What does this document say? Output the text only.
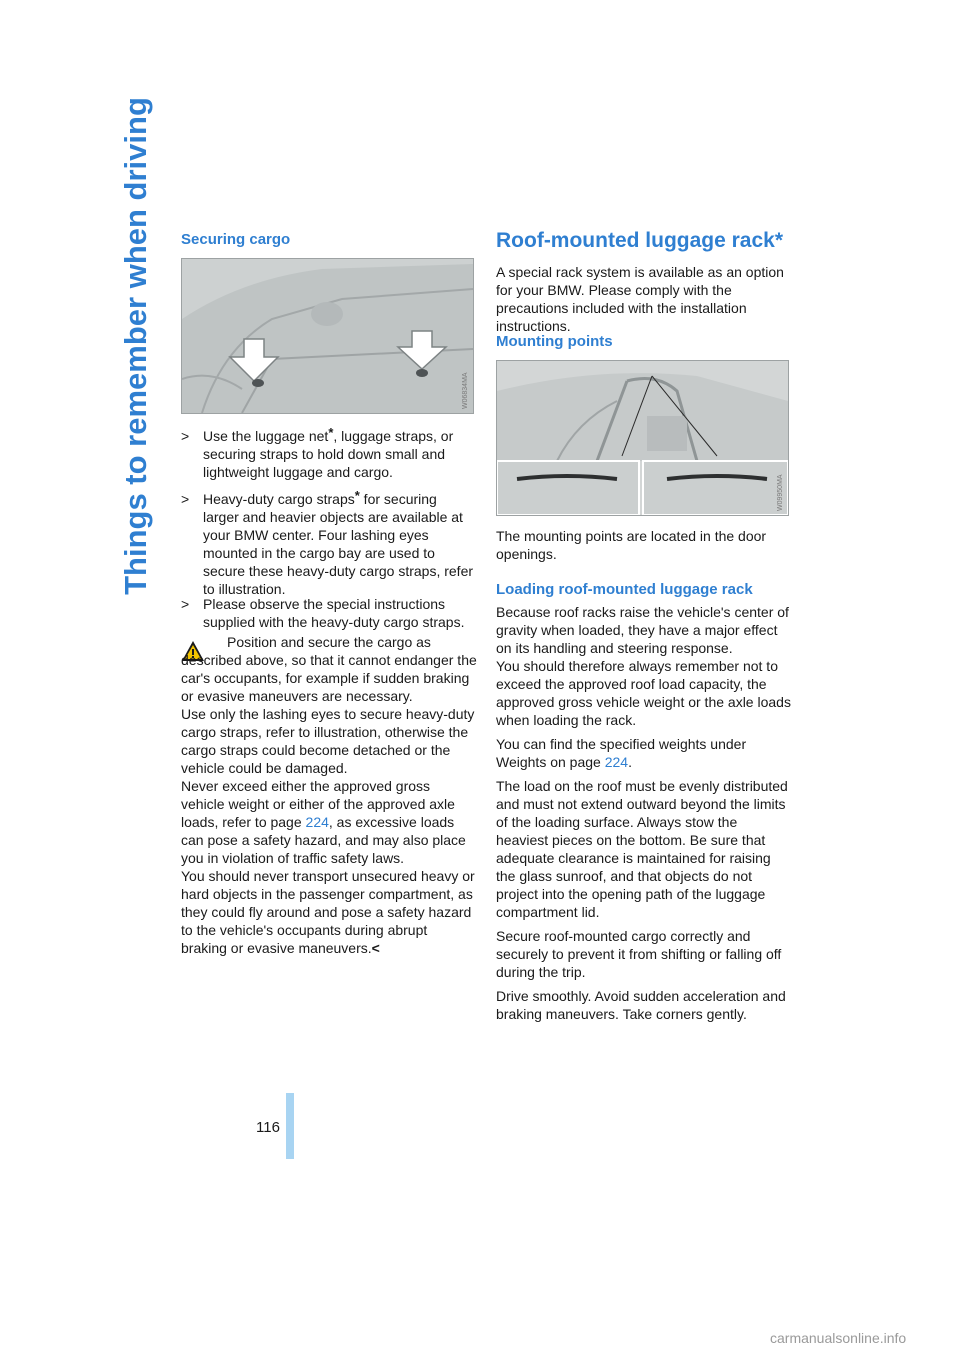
Things to remember when driving Securing cargo
W06834MA
> Use the luggage net*, luggage straps, or securing straps to hold down small and lightweight luggage and cargo.
> Heavy-duty cargo straps* for securing larger and heavier objects are available at your BMW center. Four lashing eyes mounted in the cargo bay are used to secure these heavy-duty cargo straps, refer to illustration.
> Please observe the special instructions supplied with the heavy-duty cargo straps.

Position and secure the cargo as described above, so that it cannot endanger the car's occupants, for example if sudden braking or evasive maneuvers are necessary.

Use only the lashing eyes to secure heavy-duty cargo straps, refer to illustration, otherwise the cargo straps could become detached or the vehicle could be damaged.

Never exceed either the approved gross vehicle weight or either of the approved axle loads, refer to page 224, as excessive loads can pose a safety hazard, and may also place you in violation of traffic safety laws.

You should never transport unsecured heavy or hard objects in the passenger compartment, as they could fly around and pose a safety hazard to the vehicle's occupants during abrupt braking or evasive maneuvers.<

Roof-mounted luggage rack*

A special rack system is available as an option for your BMW. Please comply with the precautions included with the installation instructions.

Mounting points
W09950MA

The mounting points are located in the door openings.

Loading roof-mounted luggage rack

Because roof racks raise the vehicle's center of gravity when loaded, they have a major effect on its handling and steering response.

You should therefore always remember not to exceed the approved roof load capacity, the approved gross vehicle weight or the axle loads when loading the rack.

You can find the specified weights under Weights on page 224.

The load on the roof must be evenly distributed and must not extend outward beyond the limits of the loading surface. Always stow the heaviest pieces on the bottom. Be sure that adequate clearance is maintained for raising the glass sunroof, and that objects do not project into the opening path of the luggage compartment lid.

Secure roof-mounted cargo correctly and securely to prevent it from shifting or falling off during the trip.

Drive smoothly. Avoid sudden acceleration and braking maneuvers. Take corners gently.

116
carmanualsonline.info
